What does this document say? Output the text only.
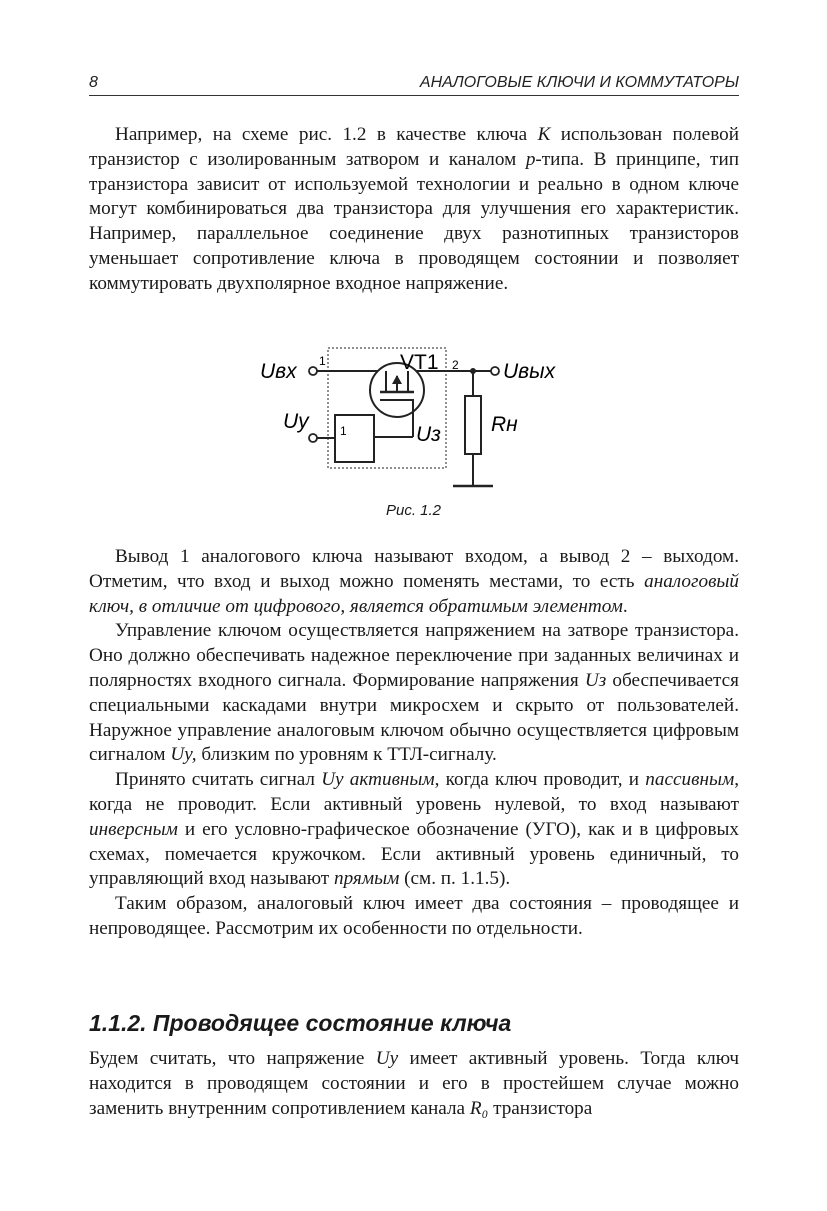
8	АНАЛОГОВЫЕ КЛЮЧИ И КОММУТАТОРЫ

Например, на схеме рис. 1.2 в качестве ключа К использован полевой транзистор с изолированным затвором и каналом р-типа. В принципе, тип транзистора зависит от используемой технологии и реально в одном ключе могут комбинироваться два транзистора для улучшения его характеристик. Например, параллельное соединение двух разнотипных транзисторов уменьшает сопротивление ключа в проводящем состоянии и позволяет коммутировать двухполярное входное напряжение.

Uвх 1	VT1 2 Uвых
Uу	1	Uз Rн
Рис. 1.2

Вывод 1 аналогового ключа называют входом, а вывод 2 – выходом. Отметим, что вход и выход можно поменять местами, то есть аналоговый ключ, в отличие от цифрового, является обратимым элементом.

Управление ключом осуществляется напряжением на затворе транзистора. Оно должно обеспечивать надежное переключение при заданных величинах и полярностях входного сигнала. Формирование напряжения Uз обеспечивается специальными каскадами внутри микросхем и скрыто от пользователей. Наружное управление аналоговым ключом обычно осуществляется цифровым сигналом Uу, близким по уровням к ТТЛ-сигналу.

Принято считать сигнал Uу активным, когда ключ проводит, и пассивным, когда не проводит. Если активный уровень нулевой, то вход называют инверсным и его условно-графическое обозначение (УГО), как и в цифровых схемах, помечается кружочком. Если активный уровень единичный, то управляющий вход называют прямым (см. п. 1.1.5).

Таким образом, аналоговый ключ имеет два состояния – проводящее и непроводящее. Рассмотрим их особенности по отдельности.

1.1.2. Проводящее состояние ключа

Будем считать, что напряжение Uу имеет активный уровень. Тогда ключ находится в проводящем состоянии и его в простейшем случае можно заменить внутренним сопротивлением канала R₀ транзистора
